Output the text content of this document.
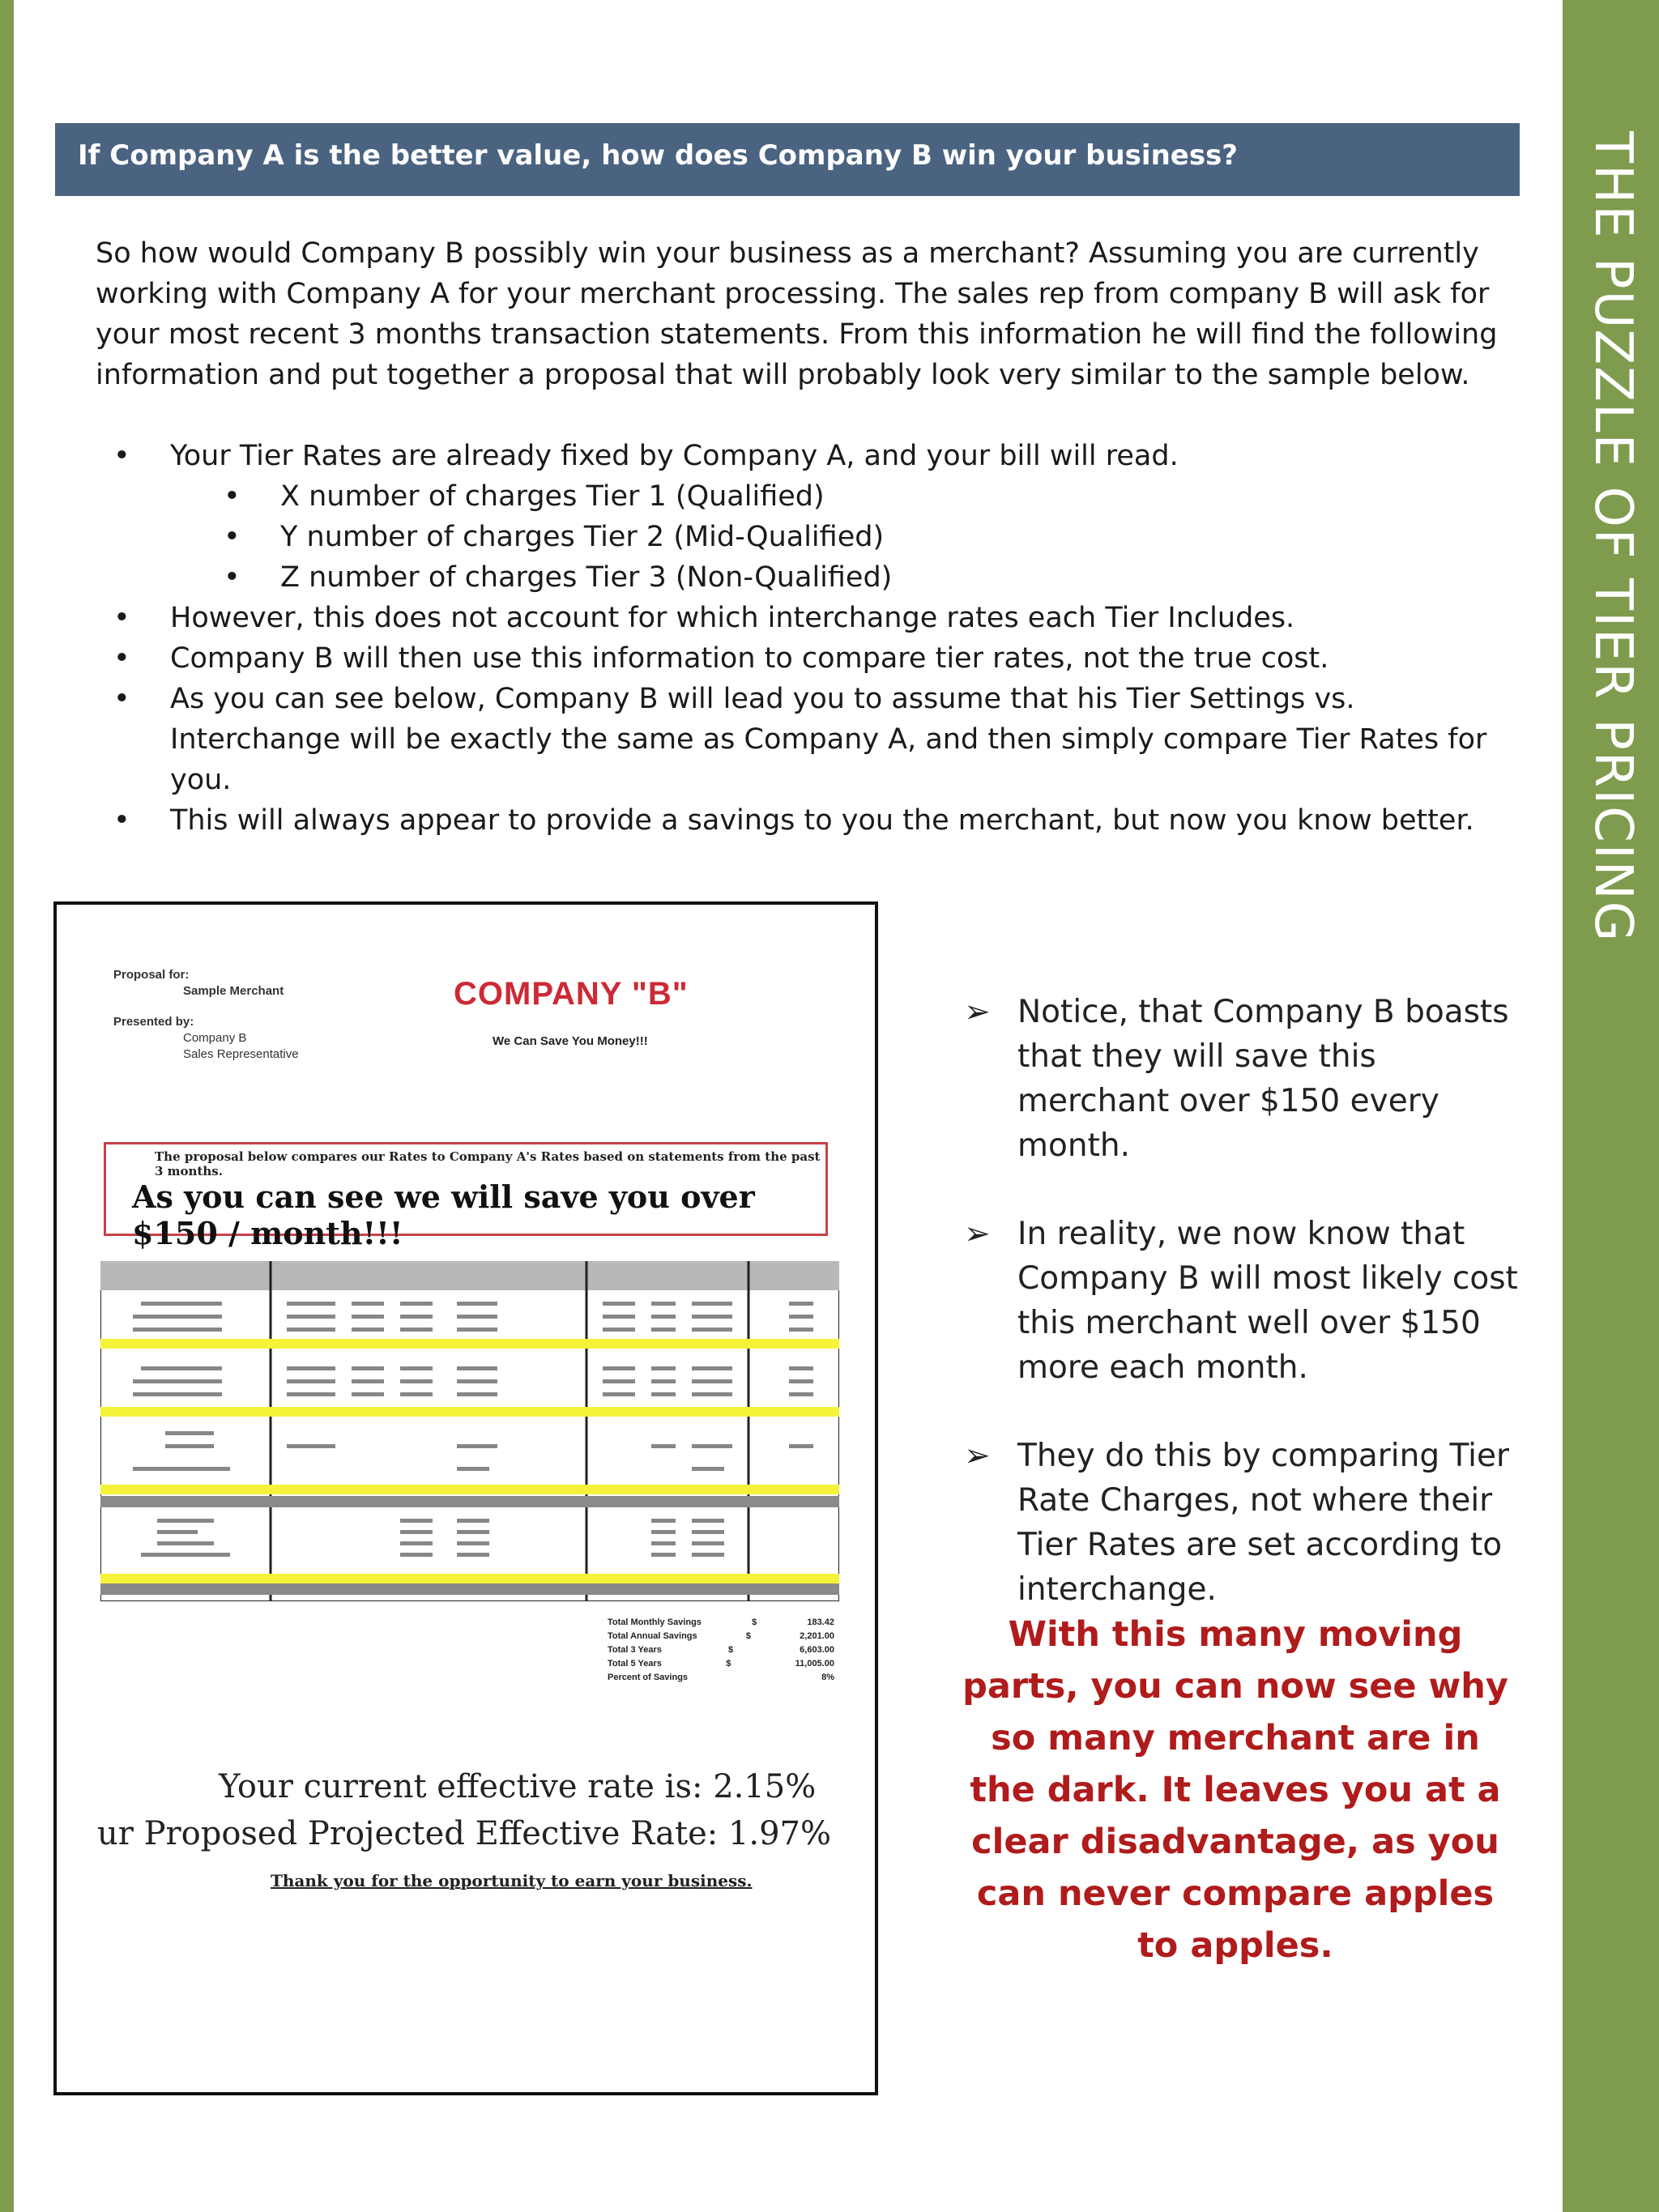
THE PUZZLE OF TIER PRICING
If Company A is the better value, how does Company B win your business?
So how would Company B possibly win your business as a merchant? Assuming you are currently working with Company A for your merchant processing. The sales rep from company B will ask for your most recent 3 months transaction statements. From this information he will find the following information and put together a proposal that will probably look very similar to the sample below.
• Your Tier Rates are already fixed by Company A, and your bill will read.
• X number of charges Tier 1 (Qualified)
• Y number of charges Tier 2 (Mid-Qualified)
• Z number of charges Tier 3 (Non-Qualified)
• However, this does not account for which interchange rates each Tier Includes.
• Company B will then use this information to compare tier rates, not the true cost.
• As you can see below, Company B will lead you to assume that his Tier Settings vs. Interchange will be exactly the same as Company A, and then simply compare Tier Rates for you.
• This will always appear to provide a savings to you the merchant, but now you know better.
Proposal for:
Sample Merchant
Presented by:
Company B
Sales Representative
COMPANY "B"
We Can Save You Money!!!
The proposal below compares our Rates to Company A's Rates based on statements from the past 3 months.
As you can see we will save you over $150 / month!!!
Total Monthly Savings	$	183.42
Total Annual Savings	$	2,201.00
Total 3 Years	$	6,603.00
Total 5 Years	$	11,005.00
Percent of Savings	8%
Your current effective rate is: 2.15%
ur Proposed Projected Effective Rate: 1.97%
Thank you for the opportunity to earn your business.
➢ Notice, that Company B boasts that they will save this merchant over $150 every month.
➢ In reality, we now know that Company B will most likely cost this merchant well over $150 more each month.
➢ They do this by comparing Tier Rate Charges, not where their Tier Rates are set according to interchange.
With this many moving parts, you can now see why so many merchant are in the dark. It leaves you at a clear disadvantage, as you can never compare apples to apples.
